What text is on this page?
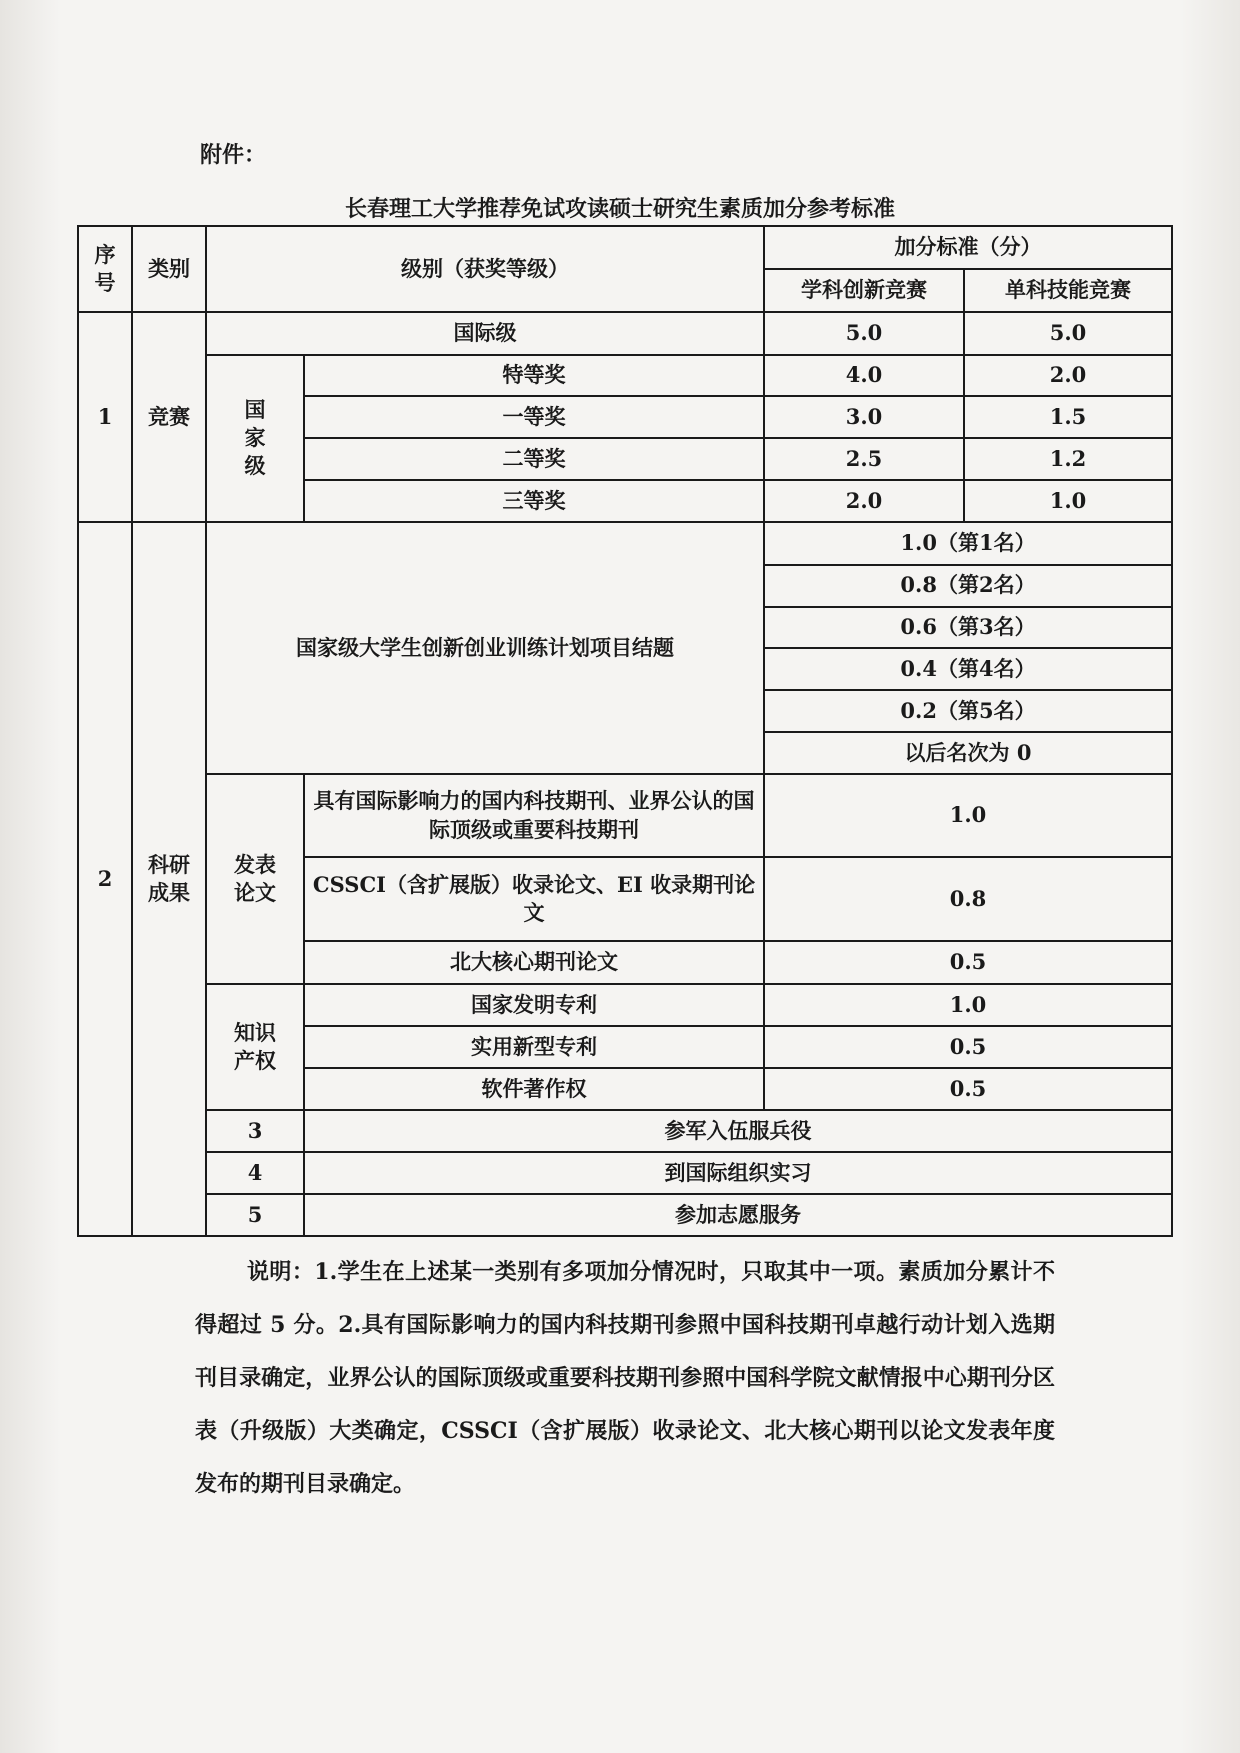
附件：
长春理工大学推荐免试攻读硕士研究生素质加分参考标准
序号	类别	级别（获奖等级）		加分标准（分）		
				学科创新竞赛	单科技能竞赛	
1	竞赛	国际级		5.0	5.0	
		国家级	特等奖	4.0	2.0	
			一等奖	3.0	1.5	
			二等奖	2.5	1.2	
			三等奖	2.0	1.0	
2	科研成果	国家级大学生创新创业训练计划项目结题		1.0（第1名）		
				0.8（第2名）		
				0.6（第3名）		
				0.4（第4名）		
				0.2（第5名）		
				以后名次为 0		
		发表论文	具有国际影响力的国内科技期刊、业界公认的国际顶级或重要科技期刊	1.0		
			CSSCI（含扩展版）收录论文、EI 收录期刊论文	0.8		
			北大核心期刊论文	0.5		
		知识产权	国家发明专利	1.0		
			实用新型专利	0.5		
			软件著作权	0.5		
		3	参军入伍服兵役	
		4	到国际组织实习	
		5	参加志愿服务	
说明：1.学生在上述某一类别有多项加分情况时，只取其中一项。素质加分累计不得超过 5 分。2.具有国际影响力的国内科技期刊参照中国科技期刊卓越行动计划入选期刊目录确定，业界公认的国际顶级或重要科技期刊参照中国科学院文献情报中心期刊分区表（升级版）大类确定，CSSCI（含扩展版）收录论文、北大核心期刊以论文发表年度发布的期刊目录确定。
